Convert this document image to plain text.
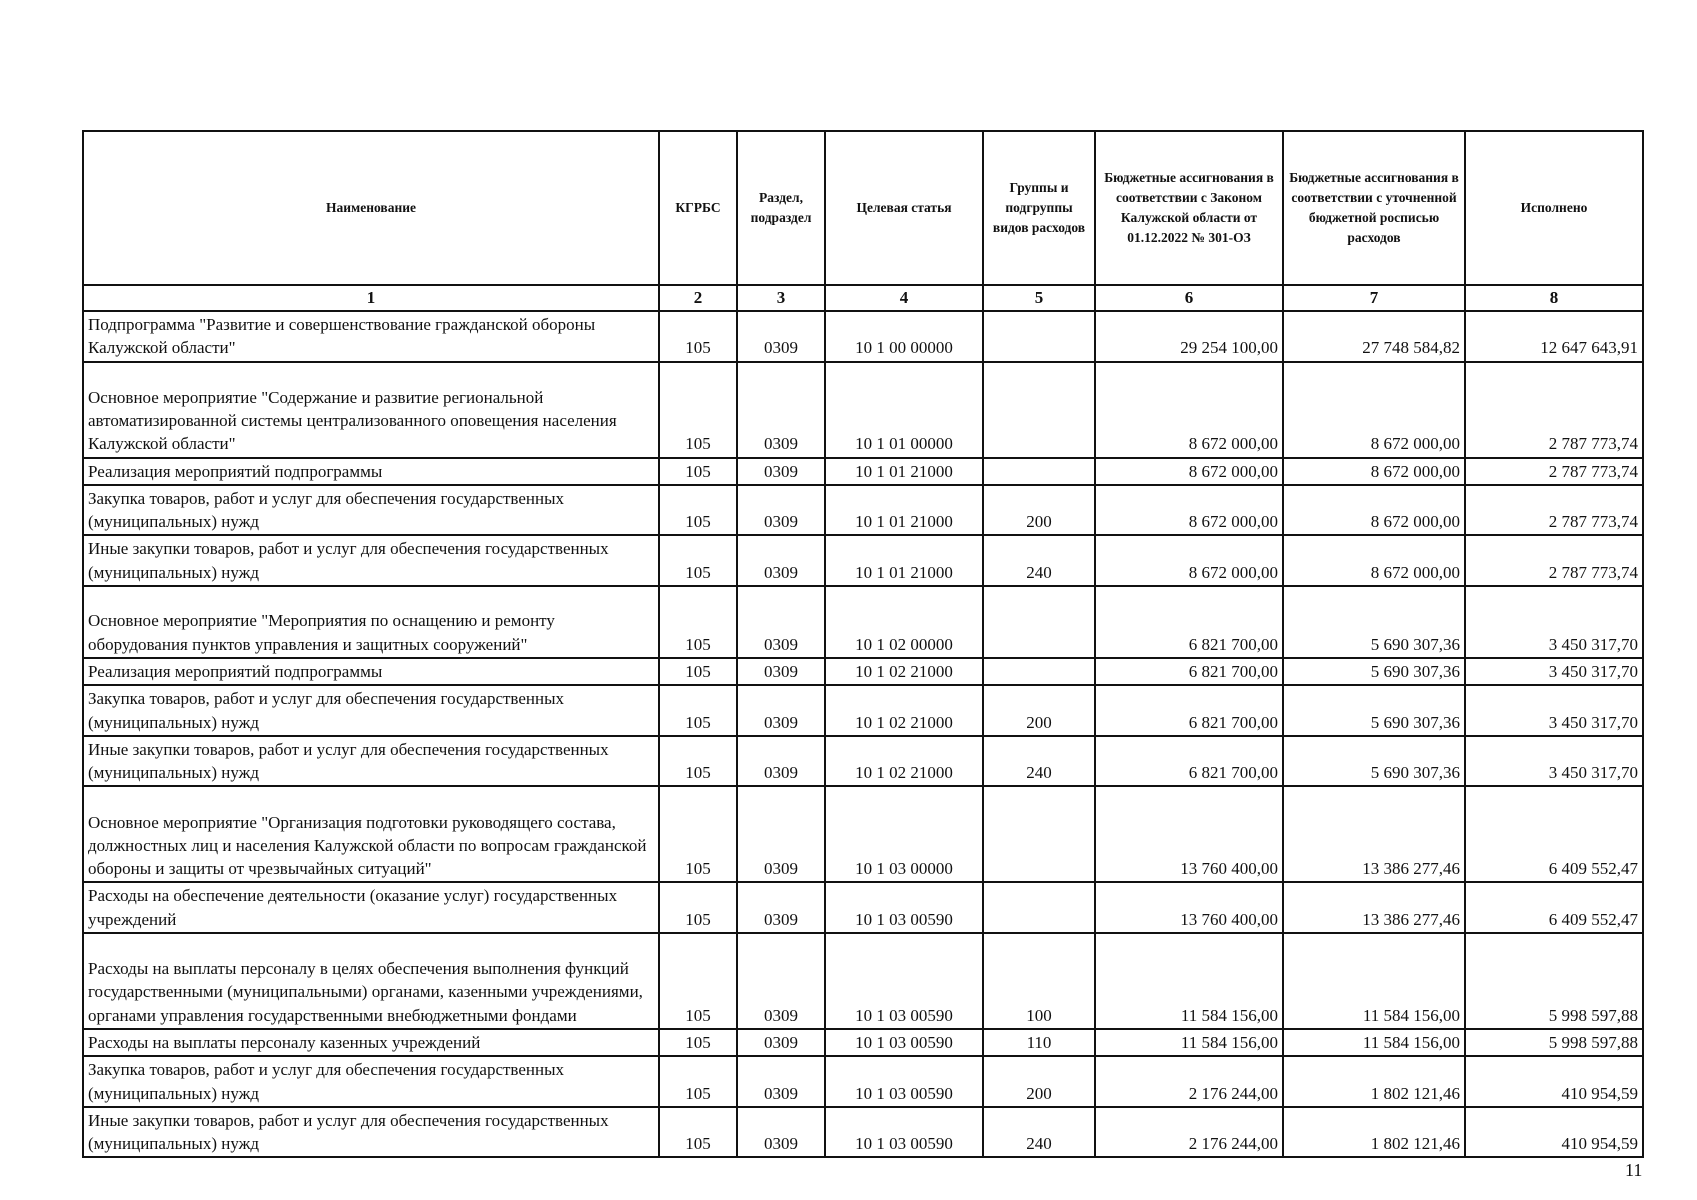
Наименование	КГРБС	Раздел, подраздел	Целевая статья	Группы и подгруппы видов расходов	Бюджетные ассигнования в соответствии с Законом Калужской области от 01.12.2022 № 301-ОЗ	Бюджетные ассигнования в соответствии с уточненной бюджетной росписью расходов	Исполнено
1	2	3	4	5	6	7	8
Подпрограмма "Развитие и совершенствование гражданской обороны Калужской области"	105	0309	10 1 00 00000		29 254 100,00	27 748 584,82	12 647 643,91
Основное мероприятие "Содержание и развитие региональной автоматизированной системы централизованного оповещения населения Калужской области"	105	0309	10 1 01 00000		8 672 000,00	8 672 000,00	2 787 773,74
Реализация мероприятий подпрограммы	105	0309	10 1 01 21000		8 672 000,00	8 672 000,00	2 787 773,74
Закупка товаров, работ и услуг для обеспечения государственных (муниципальных) нужд	105	0309	10 1 01 21000	200	8 672 000,00	8 672 000,00	2 787 773,74
Иные закупки товаров, работ и услуг для обеспечения государственных (муниципальных) нужд	105	0309	10 1 01 21000	240	8 672 000,00	8 672 000,00	2 787 773,74
Основное мероприятие "Мероприятия по оснащению и ремонту оборудования пунктов управления и защитных сооружений"	105	0309	10 1 02 00000		6 821 700,00	5 690 307,36	3 450 317,70
Реализация мероприятий подпрограммы	105	0309	10 1 02 21000		6 821 700,00	5 690 307,36	3 450 317,70
Закупка товаров, работ и услуг для обеспечения государственных (муниципальных) нужд	105	0309	10 1 02 21000	200	6 821 700,00	5 690 307,36	3 450 317,70
Иные закупки товаров, работ и услуг для обеспечения государственных (муниципальных) нужд	105	0309	10 1 02 21000	240	6 821 700,00	5 690 307,36	3 450 317,70
Основное мероприятие "Организация подготовки руководящего состава, должностных лиц и населения Калужской области по вопросам гражданской обороны и защиты от чрезвычайных ситуаций"	105	0309	10 1 03 00000		13 760 400,00	13 386 277,46	6 409 552,47
Расходы на обеспечение деятельности (оказание услуг) государственных учреждений	105	0309	10 1 03 00590		13 760 400,00	13 386 277,46	6 409 552,47
Расходы на выплаты персоналу в целях обеспечения выполнения функций государственными (муниципальными) органами, казенными учреждениями, органами управления государственными внебюджетными фондами	105	0309	10 1 03 00590	100	11 584 156,00	11 584 156,00	5 998 597,88
Расходы на выплаты персоналу казенных учреждений	105	0309	10 1 03 00590	110	11 584 156,00	11 584 156,00	5 998 597,88
Закупка товаров, работ и услуг для обеспечения государственных (муниципальных) нужд	105	0309	10 1 03 00590	200	2 176 244,00	1 802 121,46	410 954,59
Иные закупки товаров, работ и услуг для обеспечения государственных (муниципальных) нужд	105	0309	10 1 03 00590	240	2 176 244,00	1 802 121,46	410 954,59
11
